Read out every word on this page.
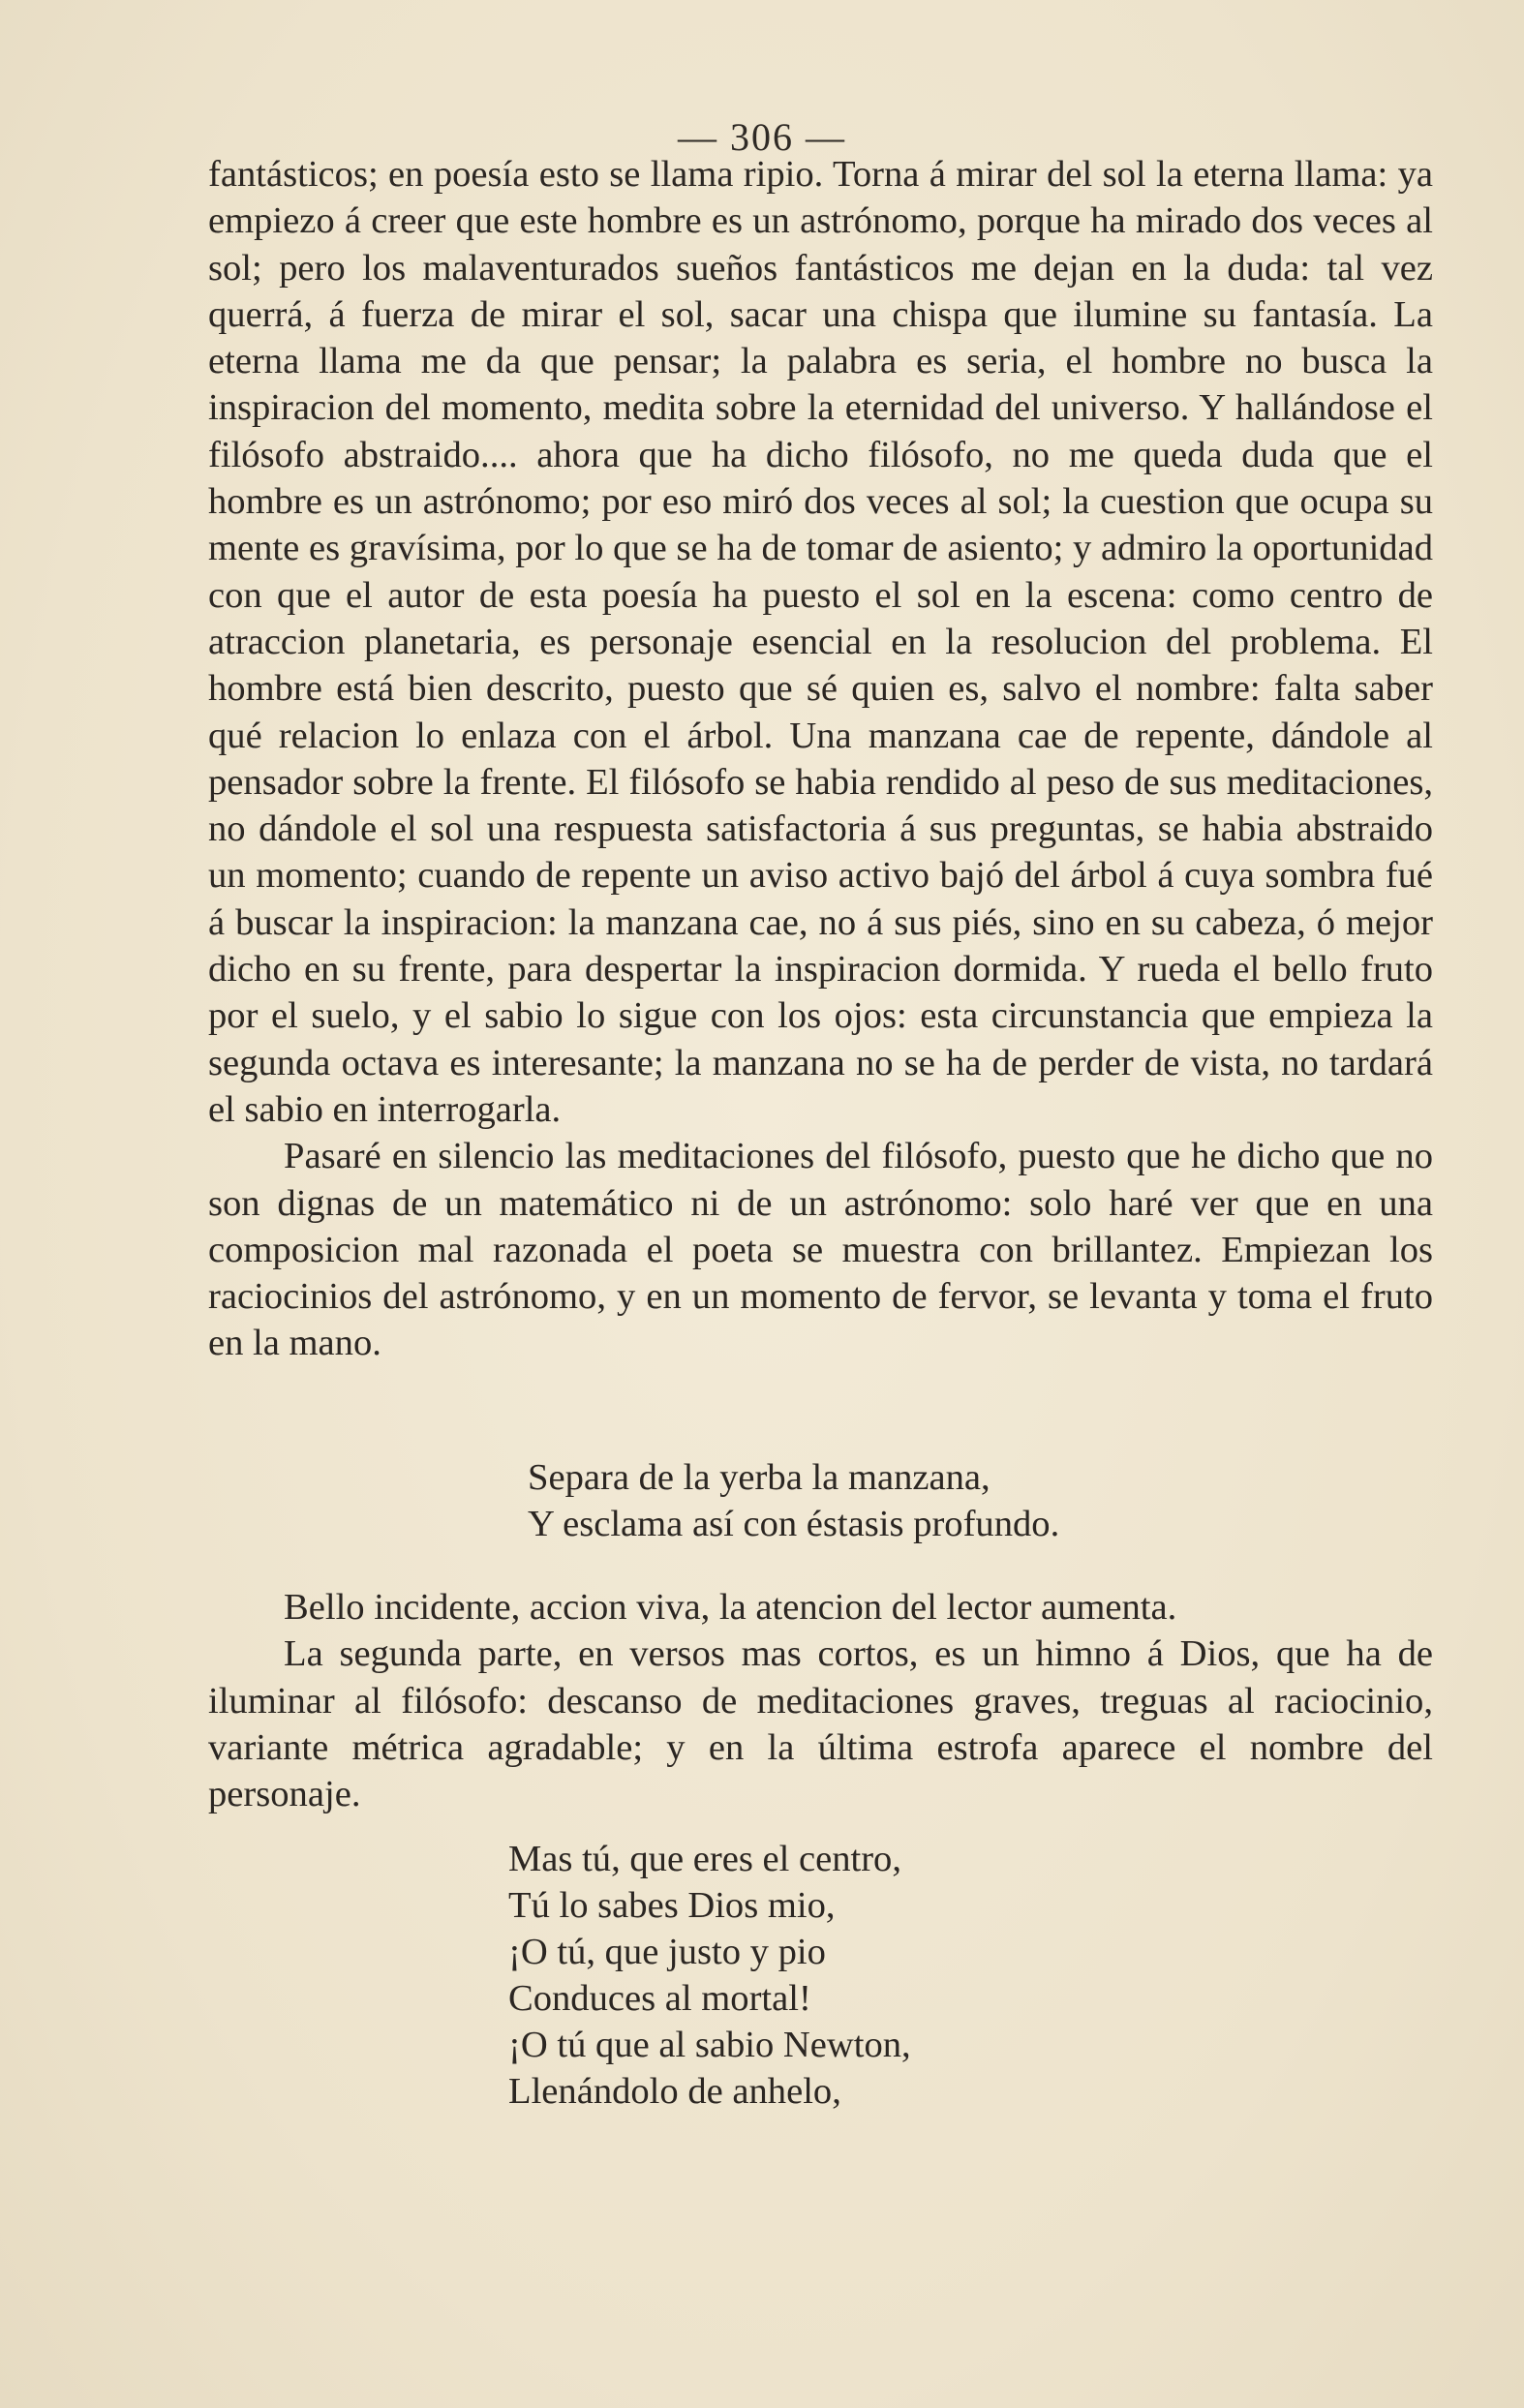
— 306 —

fantásticos; en poesía esto se llama ripio. Torna á mirar del sol la eterna llama: ya empiezo á creer que este hombre es un astrónomo, porque ha mirado dos veces al sol; pero los malaventurados sueños fantásticos me dejan en la duda: tal vez querrá, á fuerza de mirar el sol, sacar una chispa que ilumine su fantasía. La eterna llama me da que pensar; la palabra es seria, el hombre no busca la inspiracion del momento, medita sobre la eternidad del universo. Y hallándose el filósofo abstraido.... ahora que ha dicho filósofo, no me queda duda que el hombre es un astrónomo; por eso miró dos veces al sol; la cuestion que ocupa su mente es gravísima, por lo que se ha de tomar de asiento; y admiro la oportunidad con que el autor de esta poesía ha puesto el sol en la escena: como centro de atraccion planetaria, es personaje esencial en la resolucion del problema. El hombre está bien descrito, puesto que sé quien es, salvo el nombre: falta saber qué relacion lo enlaza con el árbol. Una manzana cae de repente, dándole al pensador sobre la frente. El filósofo se habia rendido al peso de sus meditaciones, no dándole el sol una respuesta satisfactoria á sus preguntas, se habia abstraido un momento; cuando de repente un aviso activo bajó del árbol á cuya sombra fué á buscar la inspiracion: la manzana cae, no á sus piés, sino en su cabeza, ó mejor dicho en su frente, para despertar la inspiracion dormida. Y rueda el bello fruto por el suelo, y el sabio lo sigue con los ojos: esta circunstancia que empieza la segunda octava es interesante; la manzana no se ha de perder de vista, no tardará el sabio en interrogarla.

Pasaré en silencio las meditaciones del filósofo, puesto que he dicho que no son dignas de un matemático ni de un astrónomo: solo haré ver que en una composicion mal razonada el poeta se muestra con brillantez. Empiezan los raciocinios del astrónomo, y en un momento de fervor, se levanta y toma el fruto en la mano.

Separa de la yerba la manzana,
Y esclama así con éstasis profundo.

Bello incidente, accion viva, la atencion del lector aumenta.

La segunda parte, en versos mas cortos, es un himno á Dios, que ha de iluminar al filósofo: descanso de meditaciones graves, treguas al raciocinio, variante métrica agradable; y en la última estrofa aparece el nombre del personaje.

Mas tú, que eres el centro,
Tú lo sabes Dios mio,
¡O tú, que justo y pio
Conduces al mortal!
¡O tú que al sabio Newton,
Llenándolo de anhelo,
